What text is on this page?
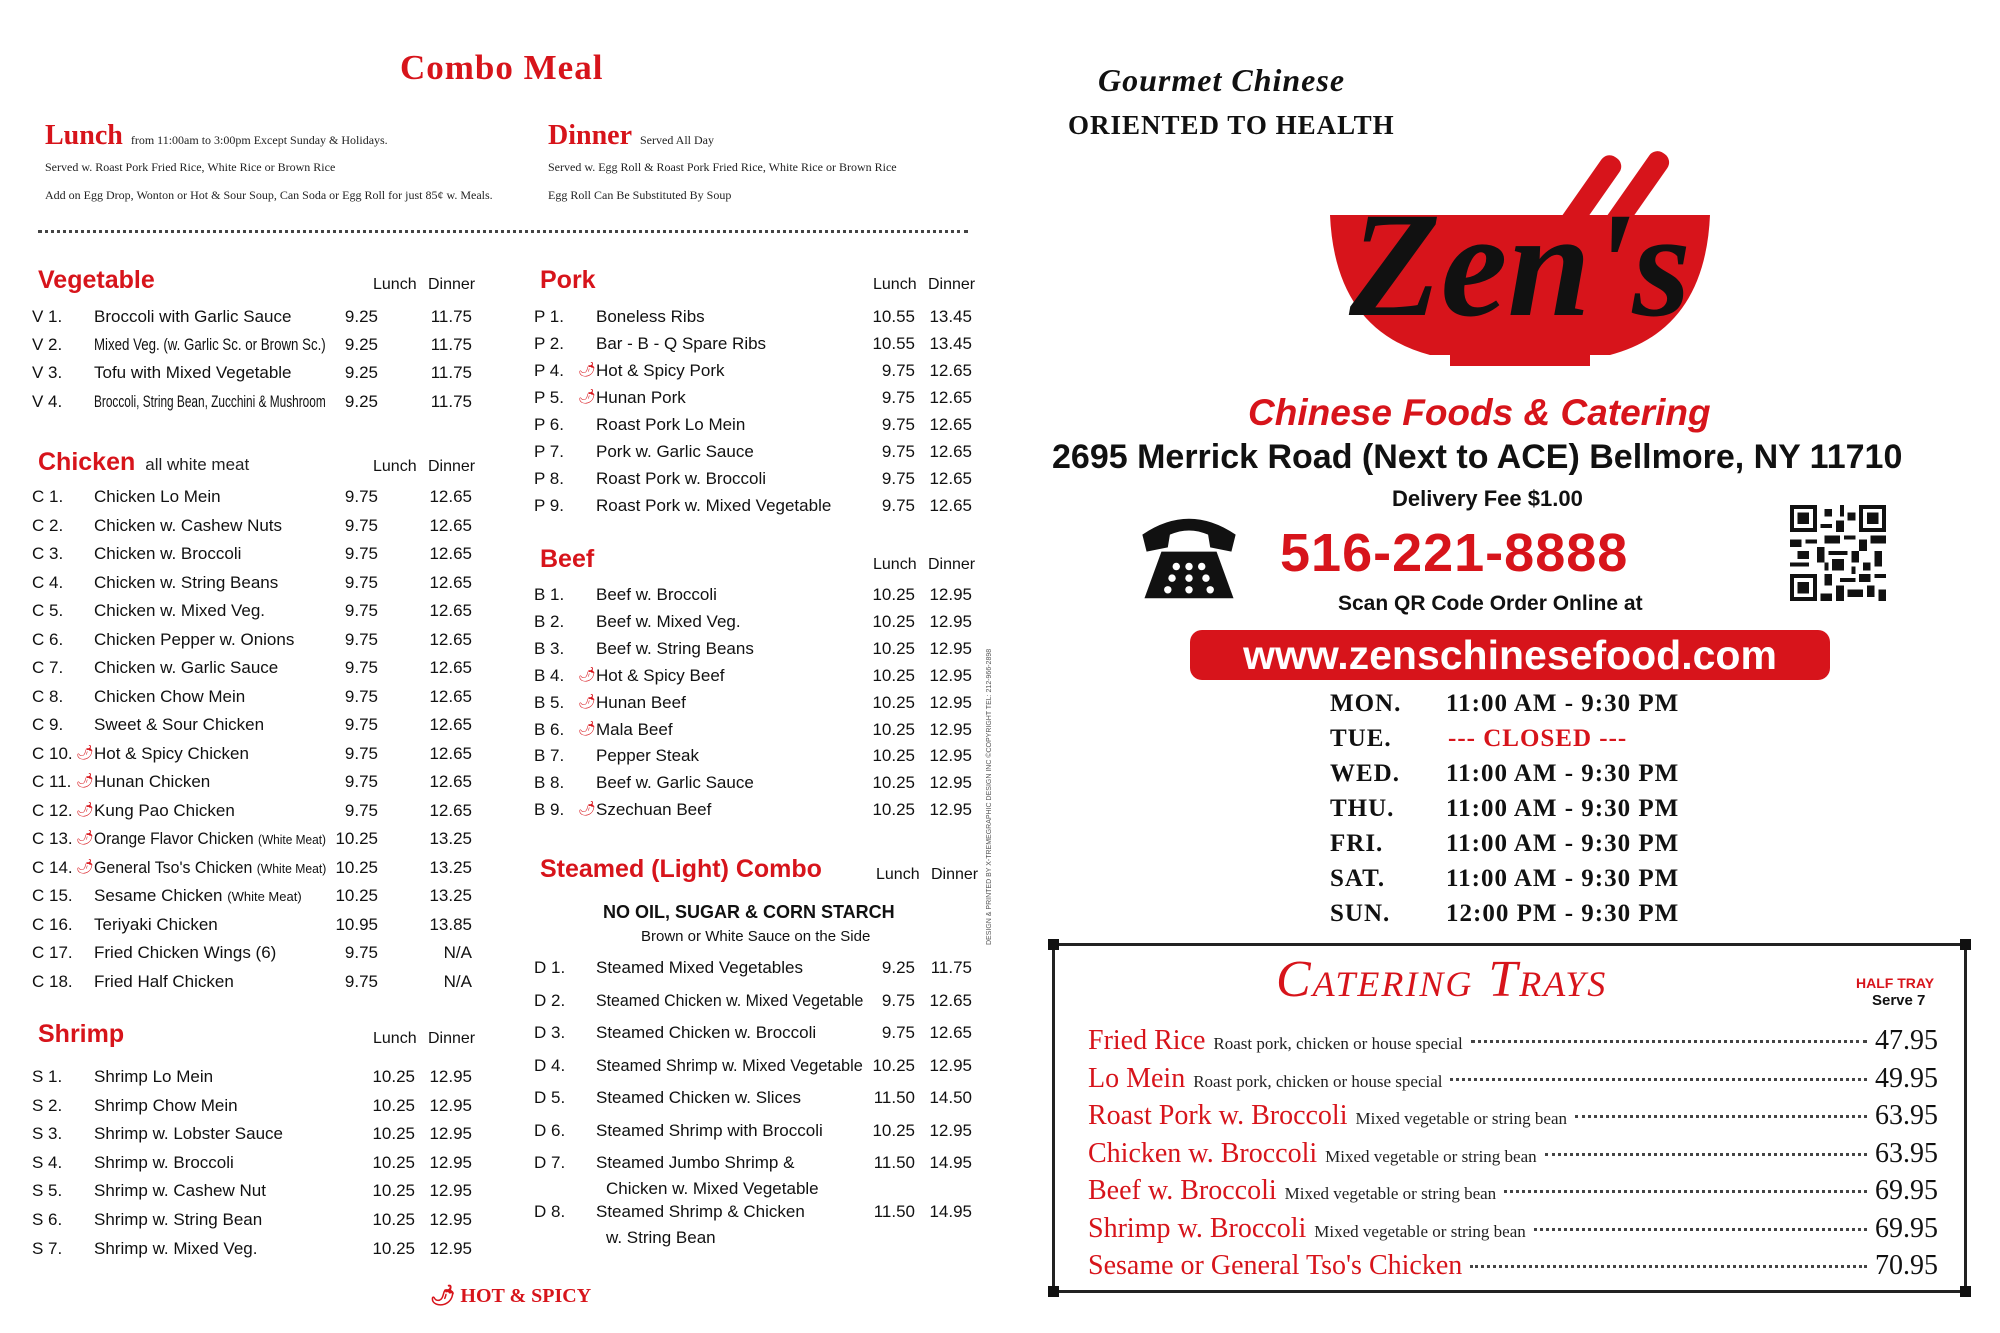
Combo Meal
Lunch from 11:00am to 3:00pm Except Sunday & Holidays.
Served w. Roast Pork Fried Rice, White Rice or Brown Rice
Add on Egg Drop, Wonton or Hot & Sour Soup, Can Soda or Egg Roll for just 85¢ w. Meals.
Dinner Served All Day
Served w. Egg Roll & Roast Pork Fried Rice, White Rice or Brown Rice
Egg Roll Can Be Substituted By Soup
Vegetable	Lunch Dinner
V 1. Broccoli with Garlic Sauce	9.25	11.75
V 2. Mixed Veg. (w. Garlic Sc. or Brown Sc.)	9.25	11.75
V 3. Tofu with Mixed Vegetable	9.25	11.75
V 4. Broccoli, String Bean, Zucchini & Mushroom	9.25	11.75
Chicken all white meat	Lunch Dinner
C 1. Chicken Lo Mein	9.75	12.65
C 2. Chicken w. Cashew Nuts	9.75	12.65
C 3. Chicken w. Broccoli	9.75	12.65
C 4. Chicken w. String Beans	9.75	12.65
C 5. Chicken w. Mixed Veg.	9.75	12.65
C 6. Chicken Pepper w. Onions	9.75	12.65
C 7. Chicken w. Garlic Sauce	9.75	12.65
C 8. Chicken Chow Mein	9.75	12.65
C 9. Sweet & Sour Chicken	9.75	12.65
C 10. 🌶 Hot & Spicy Chicken	9.75	12.65
C 11. 🌶 Hunan Chicken	9.75	12.65
C 12. 🌶 Kung Pao Chicken	9.75	12.65
C 13. 🌶 Orange Flavor Chicken (White Meat) 10.25	13.25
C 14. 🌶 General Tso's Chicken (White Meat) 10.25	13.25
C 15. Sesame Chicken (White Meat)	10.25	13.25
C 16. Teriyaki Chicken	10.95	13.85
C 17. Fried Chicken Wings (6)	9.75	N/A
C 18. Fried Half Chicken	9.75	N/A
Shrimp	Lunch Dinner
S 1. Shrimp Lo Mein	10.25 12.95
S 2. Shrimp Chow Mein	10.25 12.95
S 3. Shrimp w. Lobster Sauce	10.25 12.95
S 4. Shrimp w. Broccoli	10.25 12.95
S 5. Shrimp w. Cashew Nut	10.25 12.95
S 6. Shrimp w. String Bean	10.25 12.95
S 7. Shrimp w. Mixed Veg.	10.25 12.95
Pork	Lunch Dinner
P 1. Boneless Ribs	10.55 13.45
P 2. Bar - B - Q Spare Ribs	10.55 13.45
P 4. 🌶 Hot & Spicy Pork	9.75 12.65
P 5. 🌶 Hunan Pork	9.75 12.65
P 6. Roast Pork Lo Mein	9.75 12.65
P 7. Pork w. Garlic Sauce	9.75 12.65
P 8. Roast Pork w. Broccoli	9.75 12.65
P 9. Roast Pork w. Mixed Vegetable	9.75 12.65
Beef	Lunch Dinner
B 1. Beef w. Broccoli	10.25 12.95
B 2. Beef w. Mixed Veg.	10.25 12.95
B 3. Beef w. String Beans	10.25 12.95
B 4. 🌶 Hot & Spicy Beef	10.25 12.95
B 5. 🌶 Hunan Beef	10.25 12.95
B 6. 🌶 Mala Beef	10.25 12.95
B 7. Pepper Steak	10.25 12.95
B 8. Beef w. Garlic Sauce	10.25 12.95
B 9. 🌶 Szechuan Beef	10.25 12.95
Steamed (Light) Combo	Lunch Dinner
NO OIL, SUGAR & CORN STARCH
Brown or White Sauce on the Side
D 1. Steamed Mixed Vegetables	9.25 11.75
D 2. Steamed Chicken w. Mixed Vegetable	9.75 12.65
D 3. Steamed Chicken w. Broccoli	9.75 12.65
D 4. Steamed Shrimp w. Mixed Vegetable 10.25 12.95
D 5. Steamed Chicken w. Slices	11.50 14.50
D 6. Steamed Shrimp with Broccoli	10.25 12.95
D 7. Steamed Jumbo Shrimp &
Chicken w. Mixed Vegetable
11.50 14.95
D 8. Steamed Shrimp & Chicken
w. String Bean
11.50 14.95
🌶 HOT & SPICY
DESIGN & PRINTED BY X-TREMEGRAPHIC DESIGN INC ©COPYRIGHT TEL: 212-966-2898
Gourmet Chinese
ORIENTED TO HEALTH
Zen's
Chinese Foods & Catering
2695 Merrick Road (Next to ACE) Bellmore, NY 11710
Delivery Fee $1.00
516-221-8888
Scan QR Code Order Online at
www.zenschinesefood.com
MON. 11:00 AM - 9:30 PM
TUE. --- CLOSED ---
WED. 11:00 AM - 9:30 PM
THU. 11:00 AM - 9:30 PM
FRI.	11:00 AM - 9:30 PM
SAT. 11:00 AM - 9:30 PM
SUN. 12:00 PM - 9:30 PM
Catering Trays	HALF TRAY
Serve 7
Fried Rice Roast pork, chicken or house special	47.95
Lo Mein Roast pork, chicken or house special	49.95
Roast Pork w. Broccoli Mixed vegetable or string bean	63.95
Chicken w. Broccoli Mixed vegetable or string bean	63.95
Beef w. Broccoli Mixed vegetable or string bean	69.95
Shrimp w. Broccoli Mixed vegetable or string bean	69.95
Sesame or General Tso's Chicken	70.95
